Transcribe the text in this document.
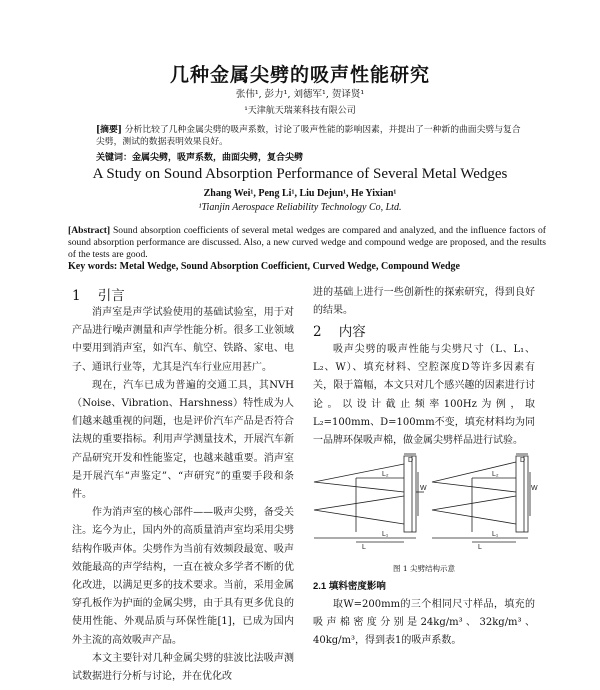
几种金属尖劈的吸声性能研究
张伟¹, 彭力¹, 刘德军¹, 贺译贤¹
¹天津航天瑞莱科技有限公司
[摘要] 分析比较了几种金属尖劈的吸声系数，讨论了吸声性能的影响因素，并提出了一种新的曲面尖劈与复合尖劈，测试的数据表明效果良好。
关键词：金属尖劈，吸声系数，曲面尖劈，复合尖劈
A Study on Sound Absorption Performance of Several Metal Wedges
Zhang Wei¹, Peng Li¹, Liu Dejun¹, He Yixian¹
¹Tianjin Aerospace Reliability Technology Co, Ltd.
[Abstract] Sound absorption coefficients of several metal wedges are compared and analyzed, and the influence factors of sound absorption performance are discussed. Also, a new curved wedge and compound wedge are proposed, and the results of the tests are good.
Key words: Metal Wedge, Sound Absorption Coefficient, Curved Wedge, Compound Wedge
1 引言

消声室是声学试验使用的基础试验室，用于对产品进行噪声测量和声学性能分析。很多工业领域中要用到消声室，如汽车、航空、铁路、家电、电子、通讯行业等，尤其是汽车行业应用甚广。

现在，汽车已成为普遍的交通工具，其NVH（Noise、Vibration、Harshness）特性成为人们越来越重视的问题，也是评价汽车产品是否符合法规的重要指标。利用声学测量技术，开展汽车新产品研究开发和性能鉴定，也越来越重要。消声室是开展汽车“声鉴定”、“声研究”的重要手段和条件。

作为消声室的核心部件——吸声尖劈，备受关注。迄今为止，国内外的高质量消声室均采用尖劈结构作吸声体。尖劈作为当前有效频段最宽、吸声效能最高的声学结构，一直在被众多学者不断的优化改进，以满足更多的技术要求。当前，采用金属穿孔板作为护面的金属尖劈，由于具有更多优良的使用性能、外观品质与环保性能[1]，已成为国内外主流的高效吸声产品。

本文主要针对几种金属尖劈的驻波比法吸声测试数据进行分析与讨论，并在优化改

进的基础上进行一些创新性的探索研究，得到良好的结果。

2 内容

吸声尖劈的吸声性能与尖劈尺寸（L、L₁、L₂、W）、填充材料、空腔深度D等许多因素有关，限于篇幅，本文只对几个感兴趣的因素进行讨论。以设计截止频率100Hz为例，取L₂=100mm、D=100mm不变，填充材料均为同一品牌环保吸声棉，做金属尖劈样品进行试验。

D
W
L₁
L
L₂
D
W
L₁
L
L₂
图 1 尖劈结构示意
2.1 填料密度影响

取W=200mm的三个相同尺寸样品，填充的吸声棉密度分别是24kg/m³、32kg/m³、40kg/m³，得到表1的吸声系数。
